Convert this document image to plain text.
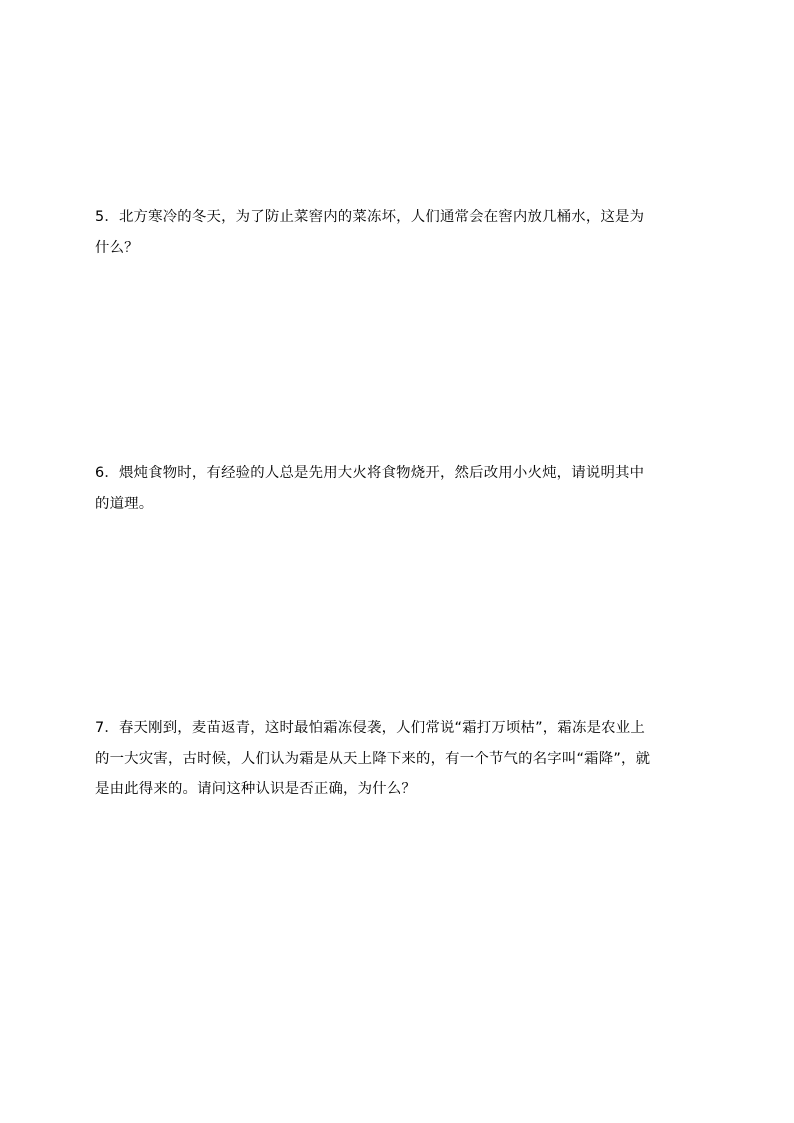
5．北方寒冷的冬天，为了防止菜窖内的菜冻坏，人们通常会在窖内放几桶水，这是为

什么？

6．煨炖食物时，有经验的人总是先用大火将食物烧开，然后改用小火炖，请说明其中

的道理。

7．春天刚到，麦苗返青，这时最怕霜冻侵袭，人们常说“霜打万顷枯”，霜冻是农业上

的一大灾害，古时候，人们认为霜是从天上降下来的，有一个节气的名字叫“霜降”，就

是由此得来的。请问这种认识是否正确，为什么？
